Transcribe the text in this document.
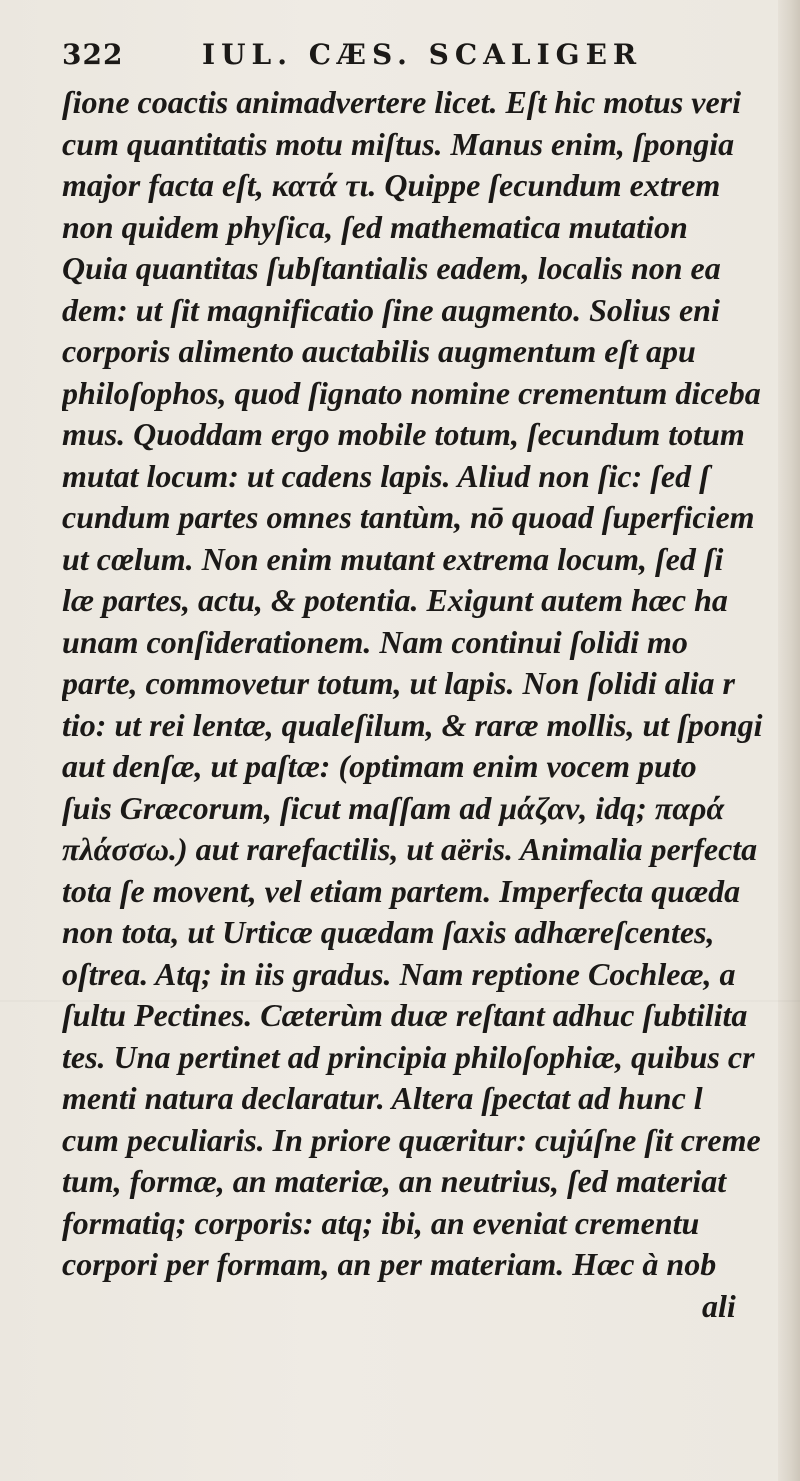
322	IUL. CÆS. SCALIGER
ſione coactis animadvertere licet. Eſt hic motus veri
cum quantitatis motu miſtus. Manus enim, ſpongia
major facta eſt, κατά τι. Quippe ſecundum extrem
non quidem phyſica, ſed mathematica mutation
Quia quantitas ſubſtantialis eadem, localis non ea
dem: ut ſit magnificatio ſine augmento. Solius eni
corporis alimento auctabilis augmentum eſt apu
philoſophos, quod ſignato nomine crementum diceba
mus. Quoddam ergo mobile totum, ſecundum totum
mutat locum: ut cadens lapis. Aliud non ſic: ſed ſ
cundum partes omnes tantùm, nō quoad ſuperficiem
ut cœlum. Non enim mutant extrema locum, ſed ſi
læ partes, actu, & potentia. Exigunt autem hæc ha
unam conſiderationem. Nam continui ſolidi mo
parte, commovetur totum, ut lapis. Non ſolidi alia r
tio: ut rei lentæ, qualeſilum, & raræ mollis, ut ſpongi
aut denſæ, ut paſtæ: (optimam enim vocem puto
ſuis Græcorum, ſicut maſſam ad μάζαν, idq; παρά
πλάσσω.) aut rarefactilis, ut aëris. Animalia perfecta
tota ſe movent, vel etiam partem. Imperfecta quæda
non tota, ut Urticæ quædam ſaxis adhæreſcentes,
oſtrea. Atq; in iis gradus. Nam reptione Cochleæ, a
ſultu Pectines. Cæterùm duæ reſtant adhuc ſubtilita
tes. Una pertinet ad principia philoſophiæ, quibus cr
menti natura declaratur. Altera ſpectat ad hunc l
cum peculiaris. In priore quæritur: cujúſne ſit creme
tum, formæ, an materiæ, an neutrius, ſed materiat
formatiq; corporis: atq; ibi, an eveniat crementu
corpori per formam, an per materiam. Hæc à nob
ali
